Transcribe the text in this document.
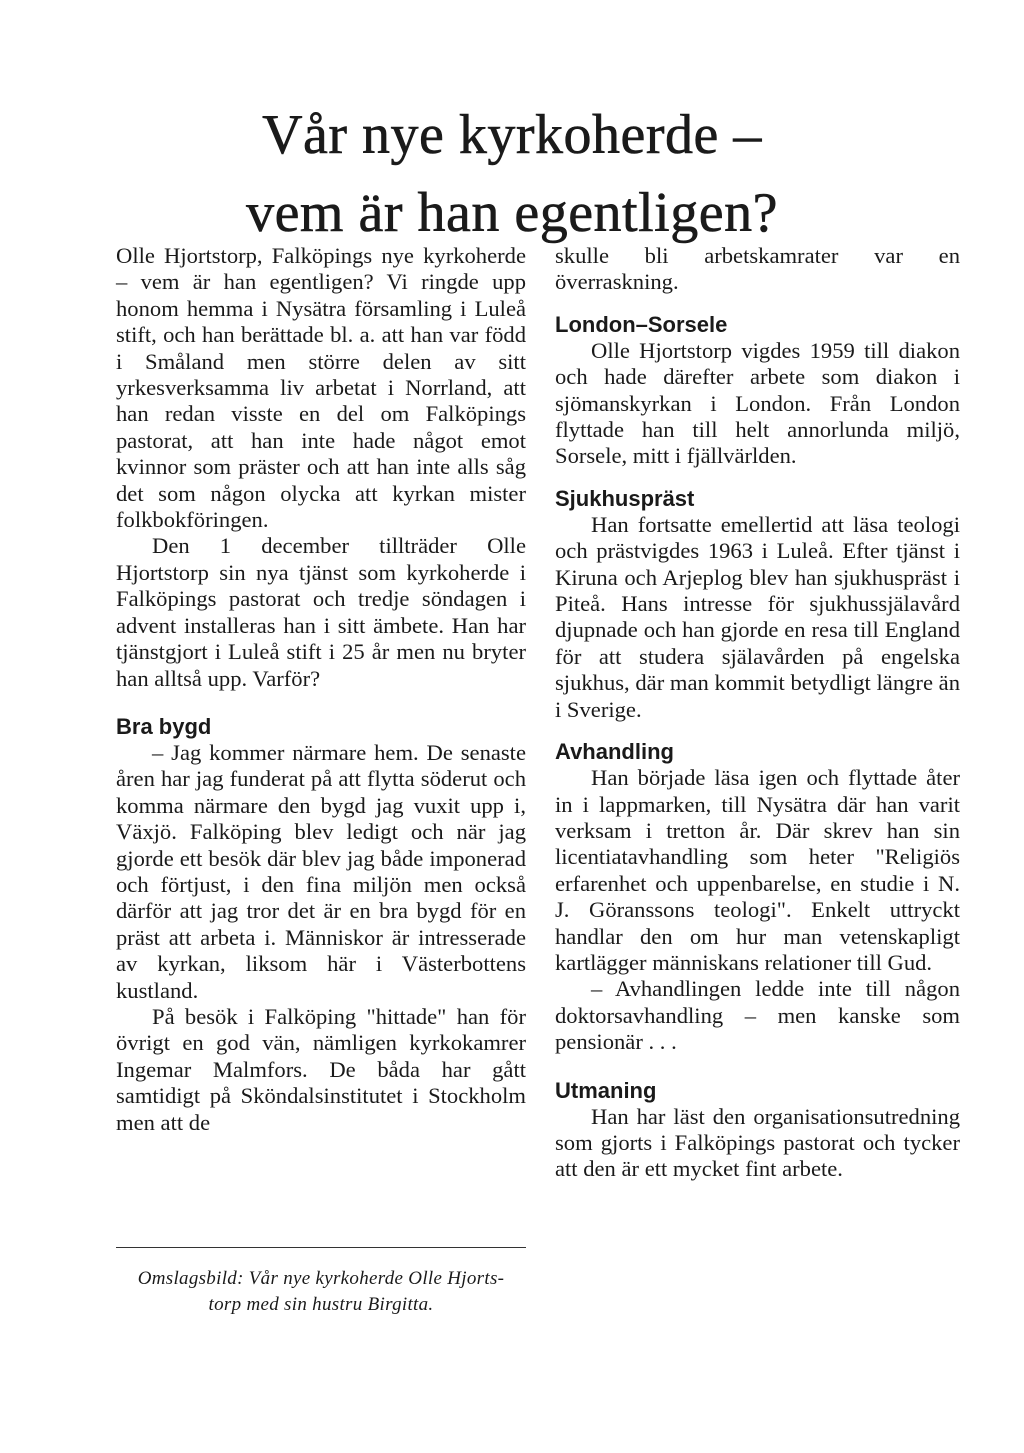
Vår nye kyrkoherde –
vem är han egentligen?

Olle Hjortstorp, Falköpings nye kyrkoherde – vem är han egentligen? Vi ringde upp honom hemma i Nysätra församling i Luleå stift, och han berättade bl. a. att han var född i Småland men större delen av sitt yrkesverksamma liv arbetat i Norrland, att han redan visste en del om Falköpings pastorat, att han inte hade något emot kvinnor som präster och att han inte alls såg det som någon olycka att kyrkan mister folkbokföringen.

Den 1 december tillträder Olle Hjortstorp sin nya tjänst som kyrkoherde i Falköpings pastorat och tredje söndagen i advent installeras han i sitt ämbete. Han har tjänstgjort i Luleå stift i 25 år men nu bryter han alltså upp. Varför?

Bra bygd

– Jag kommer närmare hem. De senaste åren har jag funderat på att flytta söderut och komma närmare den bygd jag vuxit upp i, Växjö. Falköping blev ledigt och när jag gjorde ett besök där blev jag både imponerad och förtjust, i den fina miljön men också därför att jag tror det är en bra bygd för en präst att arbeta i. Människor är intresserade av kyrkan, liksom här i Västerbottens kustland.

På besök i Falköping "hittade" han för övrigt en god vän, nämligen kyrkokamrer Ingemar Malmfors. De båda har gått samtidigt på Sköndalsinstitutet i Stockholm men att de

Omslagsbild: Vår nye kyrkoherde Olle Hjorts-
torp med sin hustru Birgitta.

skulle bli arbetskamrater var en överraskning.

London–Sorsele

Olle Hjortstorp vigdes 1959 till diakon och hade därefter arbete som diakon i sjömanskyrkan i London. Från London flyttade han till helt annorlunda miljö, Sorsele, mitt i fjällvärlden.

Sjukhuspräst

Han fortsatte emellertid att läsa teologi och prästvigdes 1963 i Luleå. Efter tjänst i Kiruna och Arjeplog blev han sjukhuspräst i Piteå. Hans intresse för sjukhussjälavård djupnade och han gjorde en resa till England för att studera själavården på engelska sjukhus, där man kommit betydligt längre än i Sverige.

Avhandling

Han började läsa igen och flyttade åter in i lappmarken, till Nysätra där han varit verksam i tretton år. Där skrev han sin licentiatavhandling som heter "Religiös erfarenhet och uppenbarelse, en studie i N. J. Göranssons teologi". Enkelt uttryckt handlar den om hur man vetenskapligt kartlägger människans relationer till Gud.

– Avhandlingen ledde inte till någon doktorsavhandling – men kanske som pensionär . . .

Utmaning

Han har läst den organisationsutredning som gjorts i Falköpings pastorat och tycker att den är ett mycket fint arbete.
